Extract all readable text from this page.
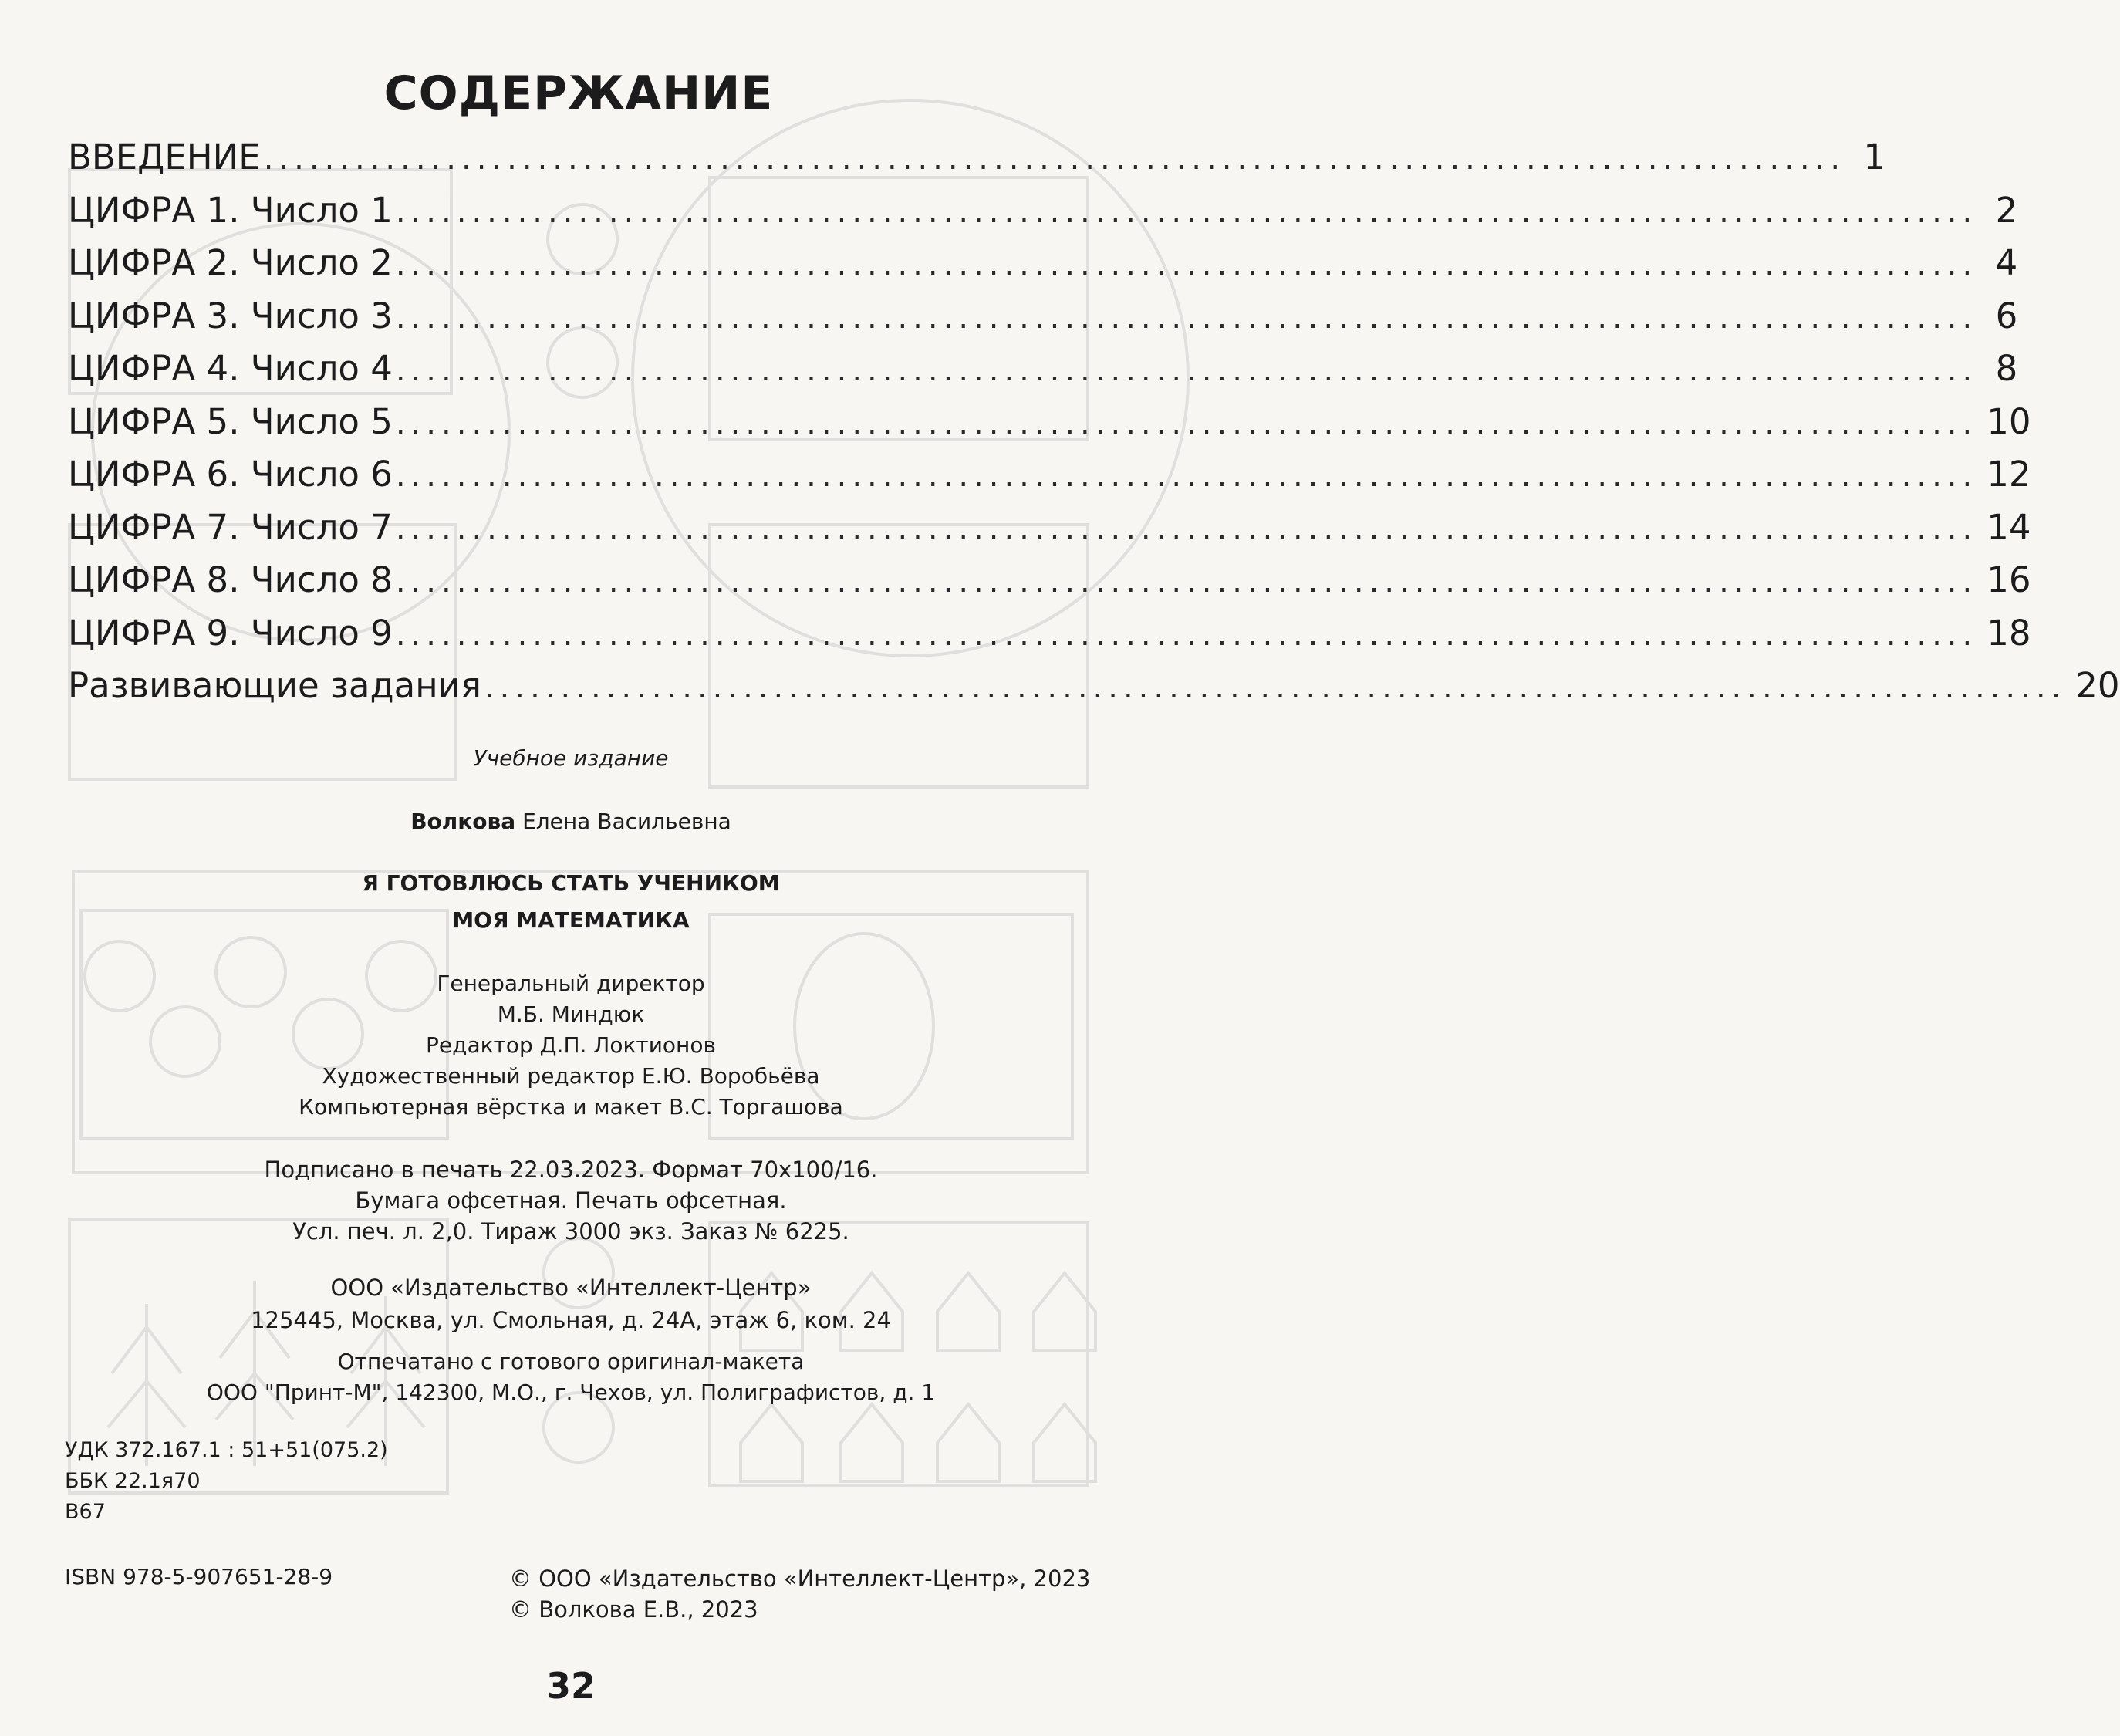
СОДЕРЖАНИЕ
ВВЕДЕНИЕ ........................................................................................................ 1
ЦИФРА 1. Число 1 ........................................................................................................ 2
ЦИФРА 2. Число 2 ........................................................................................................ 4
ЦИФРА 3. Число 3 ........................................................................................................ 6
ЦИФРА 4. Число 4 ........................................................................................................ 8
ЦИФРА 5. Число 5 ........................................................................................................ 10
ЦИФРА 6. Число 6 ........................................................................................................ 12
ЦИФРА 7. Число 7 ........................................................................................................ 14
ЦИФРА 8. Число 8 ........................................................................................................ 16
ЦИФРА 9. Число 9 ........................................................................................................ 18
Развивающие задания ........................................................................................................ 20
Учебное издание
Волкова Елена Васильевна
Я ГОТОВЛЮСЬ СТАТЬ УЧЕНИКОМ
МОЯ МАТЕМАТИКА
Генеральный директор
М.Б. Миндюк
Редактор Д.П. Локтионов
Художественный редактор Е.Ю. Воробьёва
Компьютерная вёрстка и макет В.С. Торгашова
Подписано в печать 22.03.2023. Формат 70х100/16.
Бумага офсетная. Печать офсетная.
Усл. печ. л. 2,0. Тираж 3000 экз. Заказ № 6225.
ООО «Издательство «Интеллект-Центр»
125445, Москва, ул. Смольная, д. 24А, этаж 6, ком. 24
Отпечатано с готового оригинал-макета
ООО "Принт-М", 142300, М.О., г. Чехов, ул. Полиграфистов, д. 1
УДК 372.167.1 : 51+51(075.2)
ББК 22.1я70
В67
ISBN 978-5-907651-28-9	© ООО «Издательство «Интеллект-Центр», 2023
© Волкова Е.В., 2023
32
